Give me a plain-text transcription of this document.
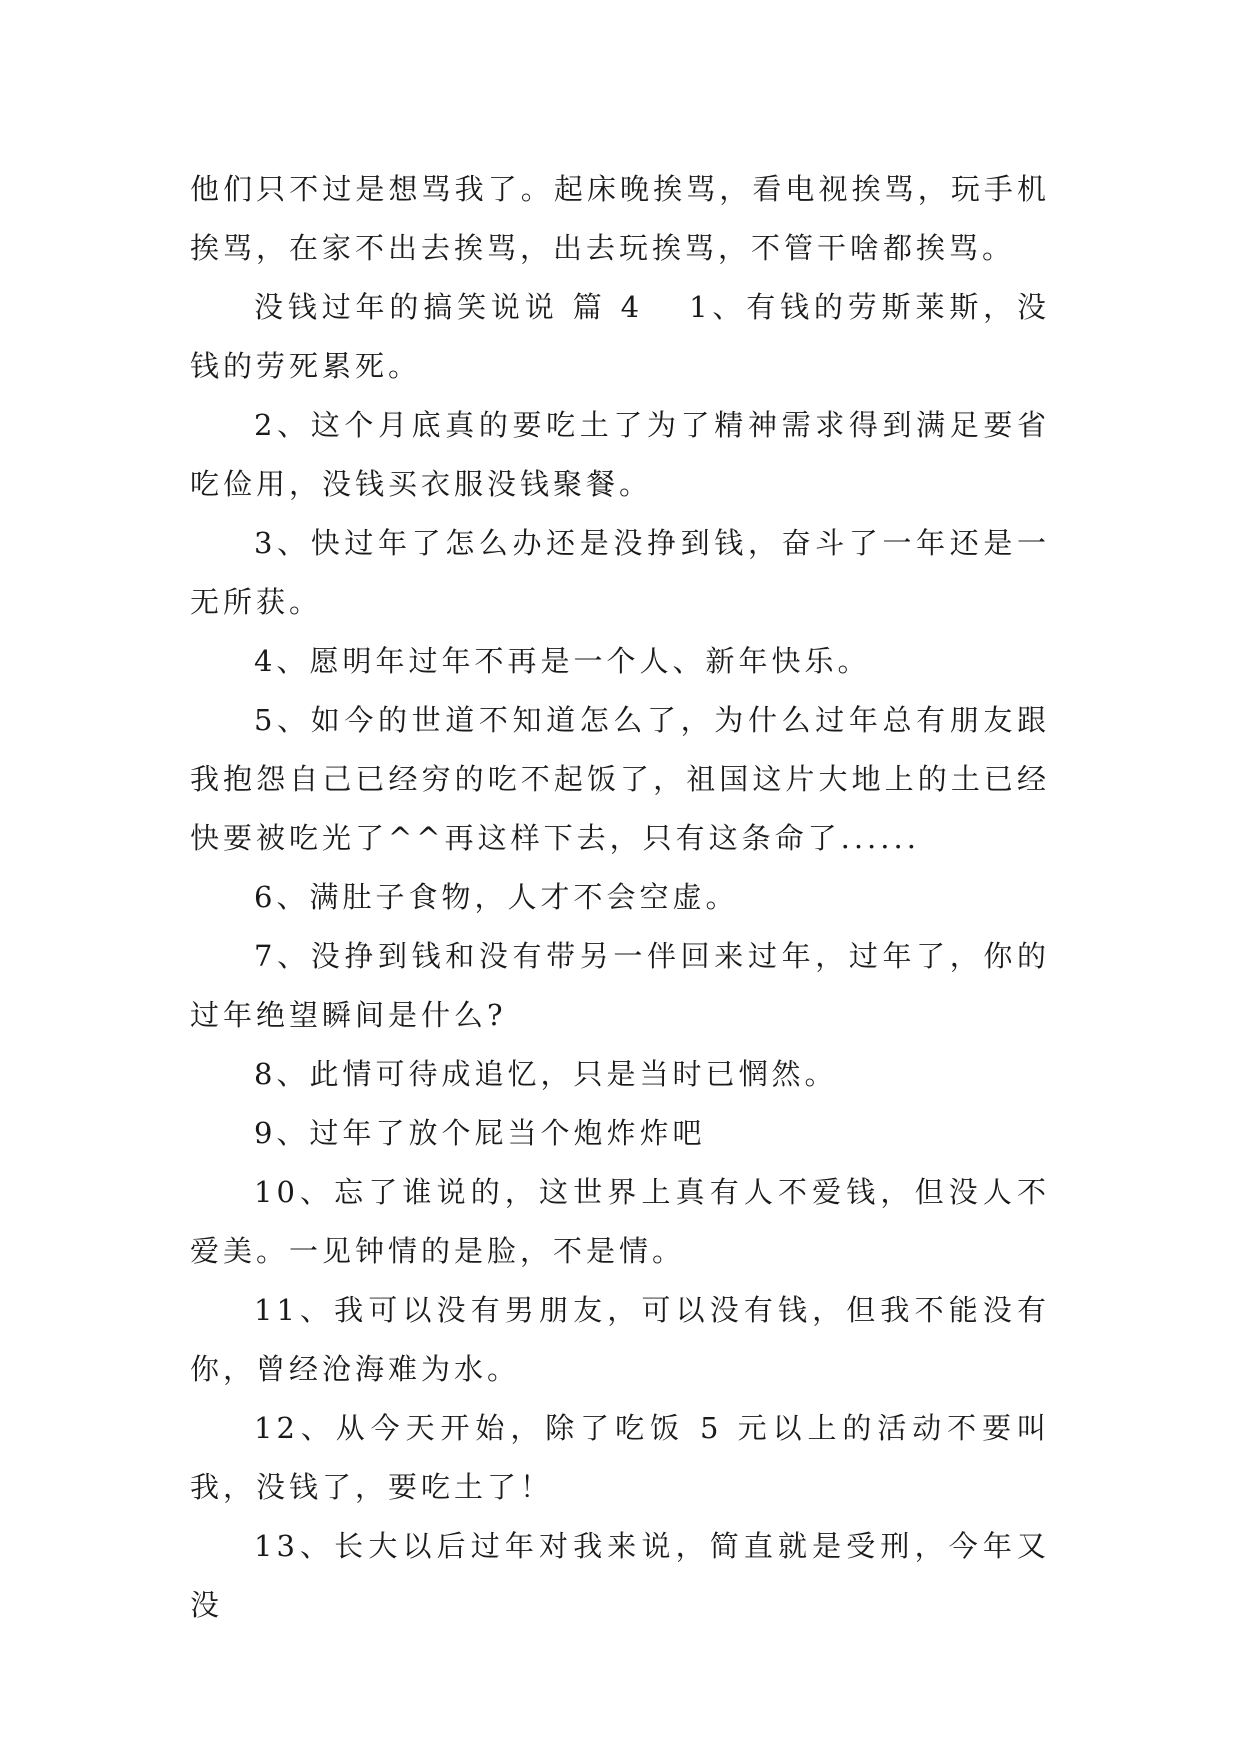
他们只不过是想骂我了。起床晚挨骂，看电视挨骂，玩手机挨骂，在家不出去挨骂，出去玩挨骂，不管干啥都挨骂。

没钱过年的搞笑说说 篇 4 1、有钱的劳斯莱斯，没钱的劳死累死。

2、这个月底真的要吃土了为了精神需求得到满足要省吃俭用，没钱买衣服没钱聚餐。

3、快过年了怎么办还是没挣到钱，奋斗了一年还是一无所获。

4、愿明年过年不再是一个人、新年快乐。

5、如今的世道不知道怎么了，为什么过年总有朋友跟我抱怨自己已经穷的吃不起饭了，祖国这片大地上的土已经快要被吃光了^^再这样下去，只有这条命了......

6、满肚子食物，人才不会空虚。

7、没挣到钱和没有带另一伴回来过年，过年了，你的过年绝望瞬间是什么?

8、此情可待成追忆，只是当时已惘然。

9、过年了放个屁当个炮炸炸吧

10、忘了谁说的，这世界上真有人不爱钱，但没人不爱美。一见钟情的是脸，不是情。

11、我可以没有男朋友，可以没有钱，但我不能没有你，曾经沧海难为水。

12、从今天开始，除了吃饭 5 元以上的活动不要叫我，没钱了，要吃土了！

13、长大以后过年对我来说，简直就是受刑，今年又没
